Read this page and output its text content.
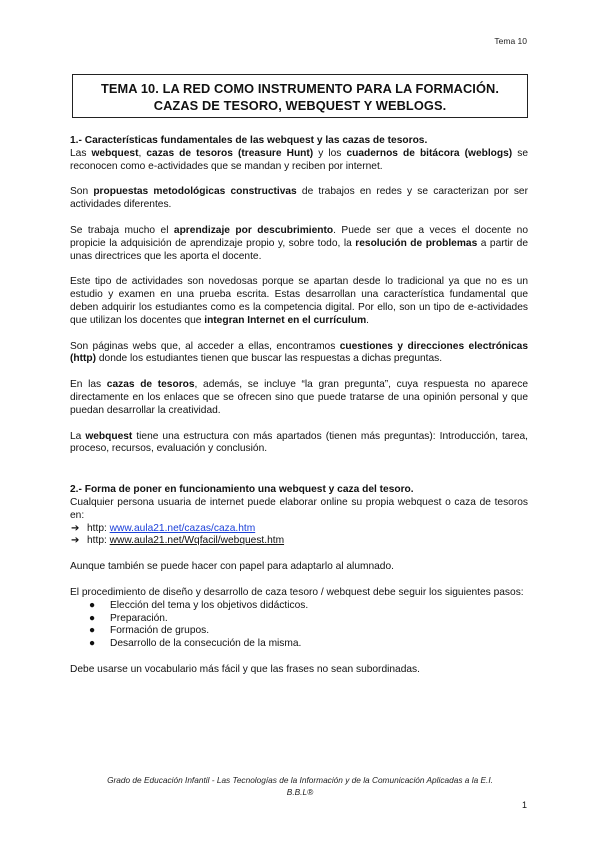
Tema 10
TEMA 10. LA RED COMO INSTRUMENTO PARA LA FORMACIÓN.
CAZAS DE TESORO, WEBQUEST Y WEBLOGS.
1.- Características fundamentales de las webquest y las cazas de tesoros.

Las webquest, cazas de tesoros (treasure Hunt) y los cuadernos de bitácora (weblogs) se reconocen como e-actividades que se mandan y reciben por internet.

Son propuestas metodológicas constructivas de trabajos en redes y se caracterizan por ser actividades diferentes.

Se trabaja mucho el aprendizaje por descubrimiento. Puede ser que a veces el docente no propicie la adquisición de aprendizaje propio y, sobre todo, la resolución de problemas a partir de unas directrices que les aporta el docente.

Este tipo de actividades son novedosas porque se apartan desde lo tradicional ya que no es un estudio y examen en una prueba escrita. Estas desarrollan una característica fundamental que deben adquirir los estudiantes como es la competencia digital. Por ello, son un tipo de e-actividades que utilizan los docentes que integran Internet en el currículum.

Son páginas webs que, al acceder a ellas, encontramos cuestiones y direcciones electrónicas (http) donde los estudiantes tienen que buscar las respuestas a dichas preguntas.

En las cazas de tesoros, además, se incluye “la gran pregunta”, cuya respuesta no aparece directamente en los enlaces que se ofrecen sino que puede tratarse de una opinión personal y que puedan desarrollar la creatividad.

La webquest tiene una estructura con más apartados (tienen más preguntas): Introducción, tarea, proceso, recursos, evaluación y conclusión.

2.- Forma de poner en funcionamiento una webquest y caza del tesoro.

Cualquier persona usuaria de internet puede elaborar online su propia webquest o caza de tesoros en:

➔ http: www.aula21.net/cazas/caza.htm
➔ http: www.aula21.net/Wqfacil/webquest.htm

Aunque también se puede hacer con papel para adaptarlo al alumnado.

El procedimiento de diseño y desarrollo de caza tesoro / webquest debe seguir los siguientes pasos:

● Elección del tema y los objetivos didácticos.
● Preparación.
● Formación de grupos.
● Desarrollo de la consecución de la misma.

Debe usarse un vocabulario más fácil y que las frases no sean subordinadas.

Grado de Educación Infantil - Las Tecnologías de la Información y de la Comunicación Aplicadas a la E.I.
B.B.L®
1
